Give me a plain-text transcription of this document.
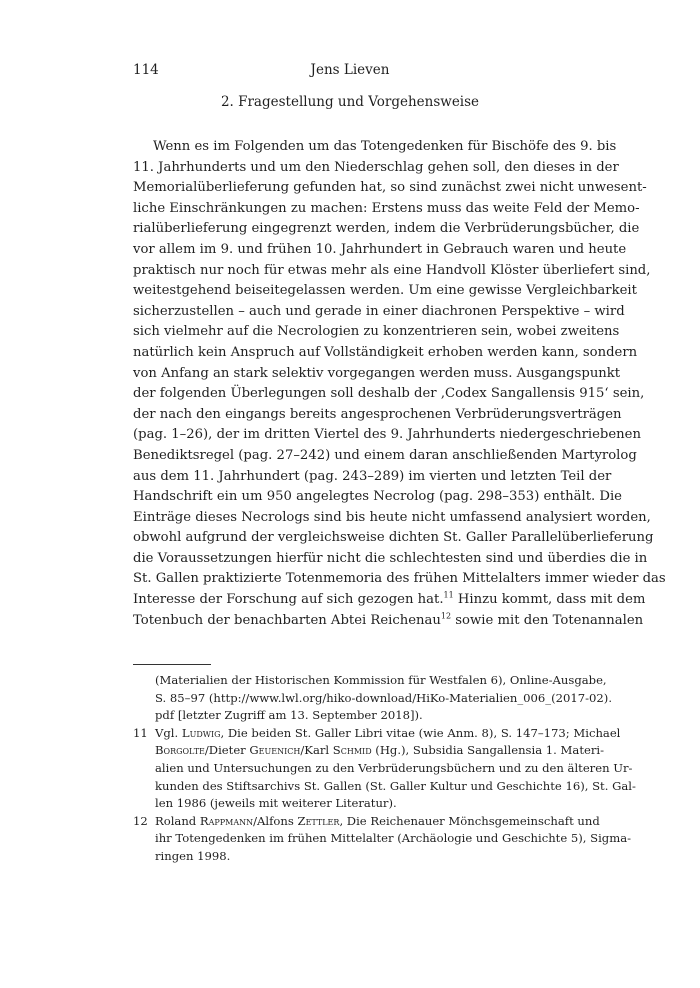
114	Jens Lieven
2. Fragestellung und Vorgehensweise
Wenn es im Folgenden um das Totengedenken für Bischöfe des 9. bis
11. Jahrhunderts und um den Niederschlag gehen soll, den dieses in der
Memorialüberlieferung gefunden hat, so sind zunächst zwei nicht unwesent-
liche Einschränkungen zu machen: Erstens muss das weite Feld der Memo-
rialüberlieferung eingegrenzt werden, indem die Verbrüderungsbücher, die
vor allem im 9. und frühen 10. Jahrhundert in Gebrauch waren und heute
praktisch nur noch für etwas mehr als eine Handvoll Klöster überliefert sind,
weitestgehend beiseitegelassen werden. Um eine gewisse Vergleichbarkeit
sicherzustellen – auch und gerade in einer diachronen Perspektive – wird
sich vielmehr auf die Necrologien zu konzentrieren sein, wobei zweitens
natürlich kein Anspruch auf Vollständigkeit erhoben werden kann, sondern
von Anfang an stark selektiv vorgegangen werden muss. Ausgangspunkt
der folgenden Überlegungen soll deshalb der ‚Codex Sangallensis 915‘ sein,
der nach den eingangs bereits angesprochenen Verbrüderungsverträgen
(pag. 1–26), der im dritten Viertel des 9. Jahrhunderts niedergeschriebenen
Benediktsregel (pag. 27–242) und einem daran anschließenden Martyrolog
aus dem 11. Jahrhundert (pag. 243–289) im vierten und letzten Teil der
Handschrift ein um 950 angelegtes Necrolog (pag. 298–353) enthält. Die
Einträge dieses Necrologs sind bis heute nicht umfassend analysiert worden,
obwohl aufgrund der vergleichsweise dichten St. Galler Parallelüberlieferung
die Voraussetzungen hierfür nicht die schlechtesten sind und überdies die in
St. Gallen praktizierte Totenmemoria des frühen Mittelalters immer wieder das
Interesse der Forschung auf sich gezogen hat.$^{11}$ Hinzu kommt, dass mit dem
Totenbuch der benachbarten Abtei Reichenau$^{12}$ sowie mit den Totenannalen
(Materialien der Historischen Kommission für Westfalen 6), Online-Ausgabe,
S. 85–97 (http://www.lwl.org/hiko-download/HiKo-Materialien_006_(2017-02).
pdf [letzter Zugriff am 13. September 2018]).
11 Vgl. Ludwig, Die beiden St. Galler Libri vitae (wie Anm. 8), S. 147–173; Michael
Borgolte/Dieter Geuenich/Karl Schmid (Hg.), Subsidia Sangallensia 1. Materi-
alien und Untersuchungen zu den Verbrüderungsbüchern und zu den älteren Ur-
kunden des Stiftsarchivs St. Gallen (St. Galler Kultur und Geschichte 16), St. Gal-
len 1986 (jeweils mit weiterer Literatur).
12 Roland Rappmann/Alfons Zettler, Die Reichenauer Mönchsgemeinschaft und
ihr Totengedenken im frühen Mittelalter (Archäologie und Geschichte 5), Sigma-
ringen 1998.
